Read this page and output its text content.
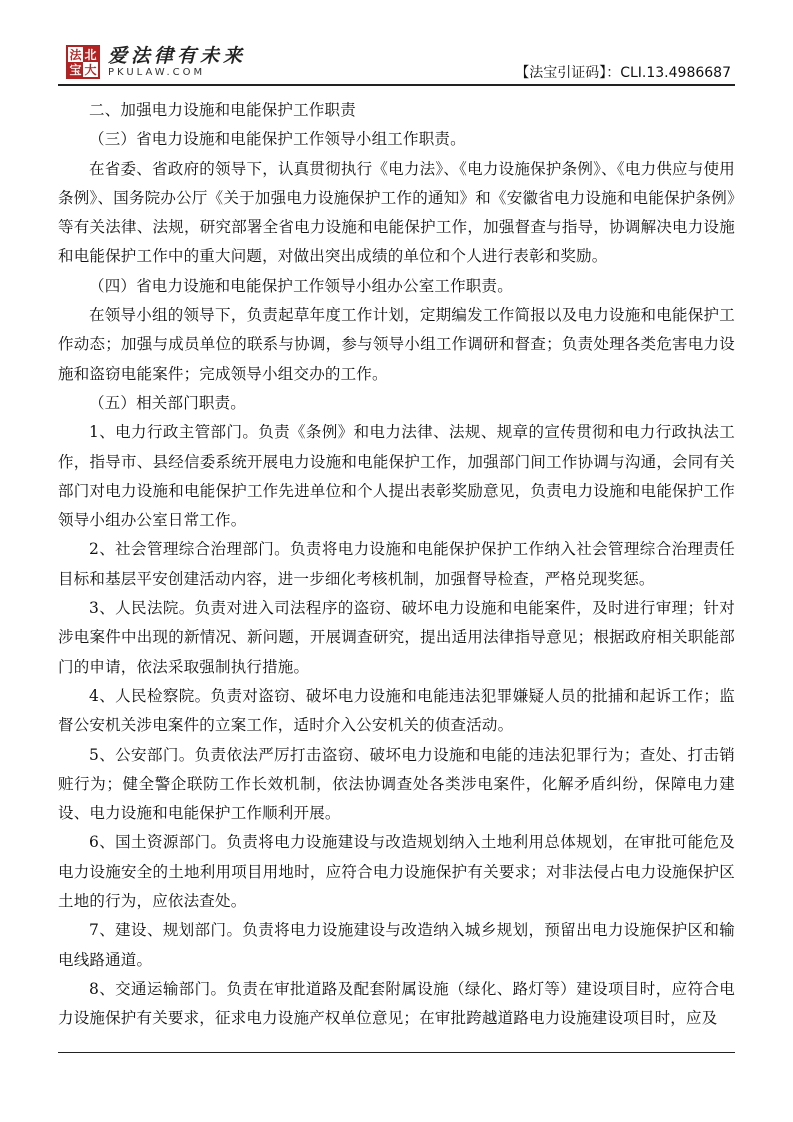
法 北
宝 大
爱法律有未来
PKULAW.COM	【法宝引证码】：CLI.13.4986687

二、加强电力设施和电能保护工作职责

（三）省电力设施和电能保护工作领导小组工作职责。

在省委、省政府的领导下，认真贯彻执行《电力法》、《电力设施保护条例》、《电力供应与使用条例》、国务院办公厅《关于加强电力设施保护工作的通知》和《安徽省电力设施和电能保护条例》等有关法律、法规，研究部署全省电力设施和电能保护工作，加强督查与指导，协调解决电力设施和电能保护工作中的重大问题，对做出突出成绩的单位和个人进行表彰和奖励。

（四）省电力设施和电能保护工作领导小组办公室工作职责。

在领导小组的领导下，负责起草年度工作计划，定期编发工作简报以及电力设施和电能保护工作动态；加强与成员单位的联系与协调，参与领导小组工作调研和督查；负责处理各类危害电力设施和盗窃电能案件；完成领导小组交办的工作。

（五）相关部门职责。

1、电力行政主管部门。负责《条例》和电力法律、法规、规章的宣传贯彻和电力行政执法工作，指导市、县经信委系统开展电力设施和电能保护工作，加强部门间工作协调与沟通，会同有关部门对电力设施和电能保护工作先进单位和个人提出表彰奖励意见，负责电力设施和电能保护工作领导小组办公室日常工作。

2、社会管理综合治理部门。负责将电力设施和电能保护保护工作纳入社会管理综合治理责任目标和基层平安创建活动内容，进一步细化考核机制，加强督导检查，严格兑现奖惩。

3、人民法院。负责对进入司法程序的盗窃、破坏电力设施和电能案件，及时进行审理；针对涉电案件中出现的新情况、新问题，开展调查研究，提出适用法律指导意见；根据政府相关职能部门的申请，依法采取强制执行措施。

4、人民检察院。负责对盗窃、破坏电力设施和电能违法犯罪嫌疑人员的批捕和起诉工作；监督公安机关涉电案件的立案工作，适时介入公安机关的侦查活动。

5、公安部门。负责依法严厉打击盗窃、破坏电力设施和电能的违法犯罪行为；查处、打击销赃行为；健全警企联防工作长效机制，依法协调查处各类涉电案件，化解矛盾纠纷，保障电力建设、电力设施和电能保护工作顺利开展。

6、国土资源部门。负责将电力设施建设与改造规划纳入土地利用总体规划，在审批可能危及电力设施安全的土地利用项目用地时，应符合电力设施保护有关要求；对非法侵占电力设施保护区土地的行为，应依法查处。

7、建设、规划部门。负责将电力设施建设与改造纳入城乡规划，预留出电力设施保护区和输电线路通道。

8、交通运输部门。负责在审批道路及配套附属设施（绿化、路灯等）建设项目时，应符合电力设施保护有关要求，征求电力设施产权单位意见；在审批跨越道路电力设施建设项目时，应及
